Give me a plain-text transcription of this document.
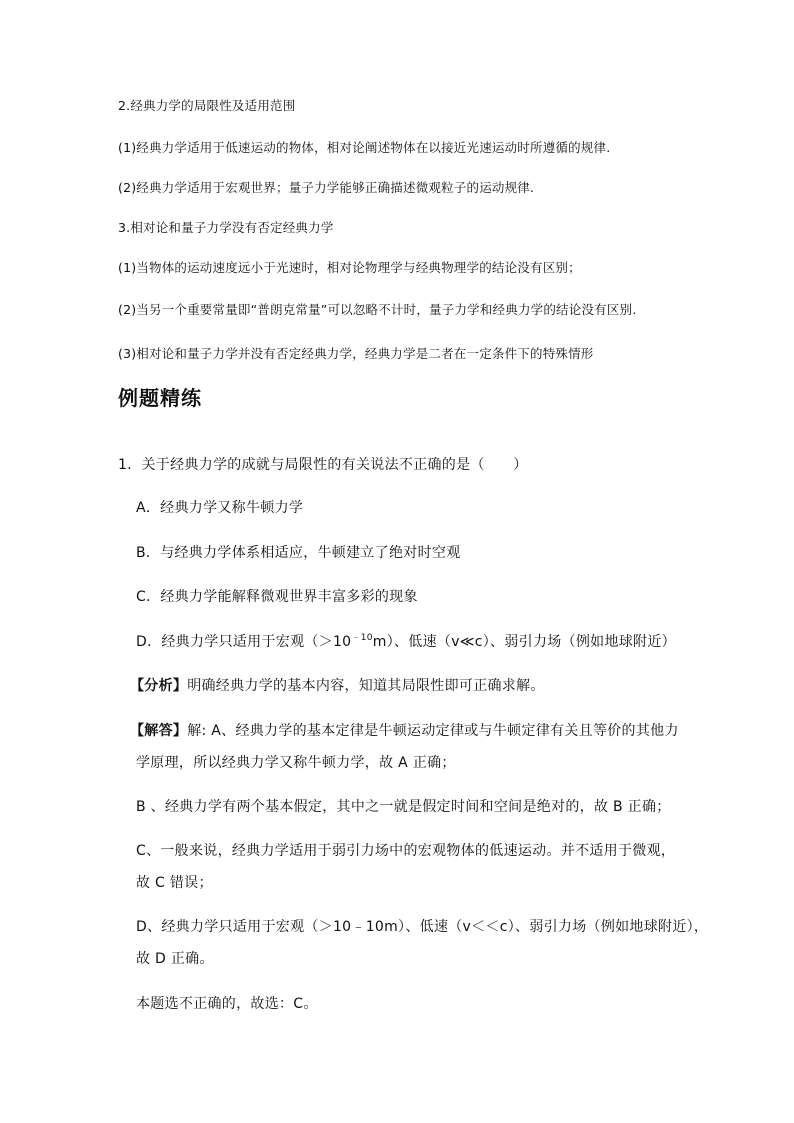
2.经典力学的局限性及适用范围
(1)经典力学适用于低速运动的物体，相对论阐述物体在以接近光速运动时所遵循的规律.
(2)经典力学适用于宏观世界；量子力学能够正确描述微观粒子的运动规律.
3.相对论和量子力学没有否定经典力学
(1)当物体的运动速度远小于光速时，相对论物理学与经典物理学的结论没有区别；
(2)当另一个重要常量即“普朗克常量”可以忽略不计时，量子力学和经典力学的结论没有区别.
(3)相对论和量子力学并没有否定经典力学，经典力学是二者在一定条件下的特殊情形
例题精练
1．关于经典力学的成就与局限性的有关说法不正确的是（　　）
A．经典力学又称牛顿力学
B．与经典力学体系相适应，牛顿建立了绝对时空观
C．经典力学能解释微观世界丰富多彩的现象
D．经典力学只适用于宏观$(>10^{﹣10}m)$、低速（v≪c）、弱引力场（例如地球附近）
【分析】明确经典力学的基本内容，知道其局限性即可正确求解。
【解答】解: A、经典力学的基本定律是牛顿运动定律或与牛顿定律有关且等价的其他力
学原理，所以经典力学又称牛顿力学，故 A 正确；
B 、经典力学有两个基本假定，其中之一就是假定时间和空间是绝对的，故 B 正确；
C、一般来说，经典力学适用于弱引力场中的宏观物体的低速运动。并不适用于微观，
故 C 错误；
D、经典力学只适用于宏观（＞10﹣10m）、低速（v＜＜c）、弱引力场（例如地球附近），
故 D 正确。
本题选不正确的，故选：C。
